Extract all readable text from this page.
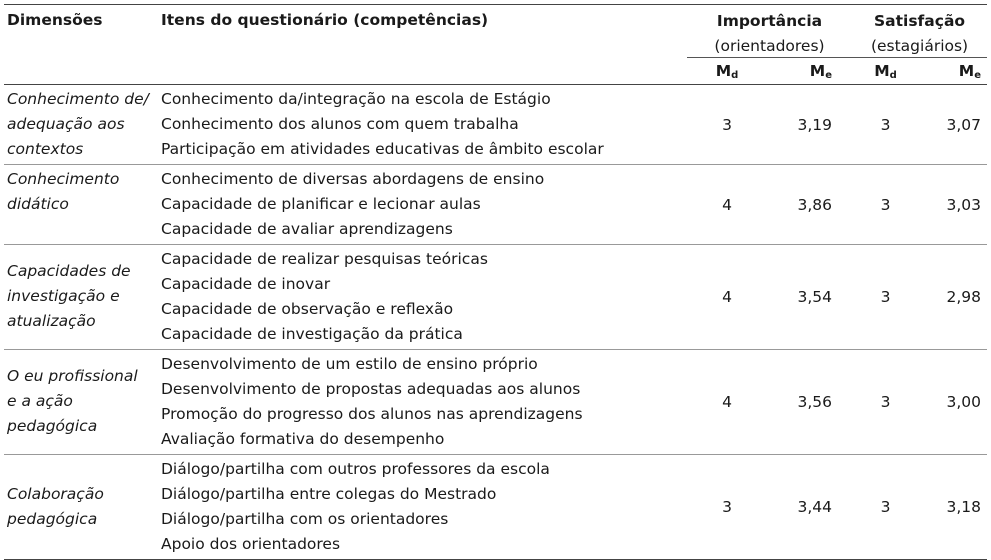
Dimensões	Itens do questionário (competências)	Importância		Satisfação	
		(orientadores)		(estagiários)	
		$M_d$	$M_e$	$M_d$	$M_e$

Conhecimento de/
adequação aos
contextos	Conhecimento da/integração na escola de Estágio
Conhecimento dos alunos com quem trabalha
Participação em atividades educativas de âmbito escolar	3	3,19	3	3,07

Conhecimento
didático	Conhecimento de diversas abordagens de ensino
Capacidade de planificar e lecionar aulas
Capacidade de avaliar aprendizagens	4	3,86	3	3,03

Capacidades de
investigação e
atualização	Capacidade de realizar pesquisas teóricas
Capacidade de inovar
Capacidade de observação e reflexão
Capacidade de investigação da prática	4	3,54	3	2,98

O eu profissional
e a ação
pedagógica	Desenvolvimento de um estilo de ensino próprio
Desenvolvimento de propostas adequadas aos alunos
Promoção do progresso dos alunos nas aprendizagens
Avaliação formativa do desempenho	4	3,56	3	3,00

Colaboração
pedagógica	Diálogo/partilha com outros professores da escola
Diálogo/partilha entre colegas do Mestrado
Diálogo/partilha com os orientadores
Apoio dos orientadores	3	3,44	3	3,18
